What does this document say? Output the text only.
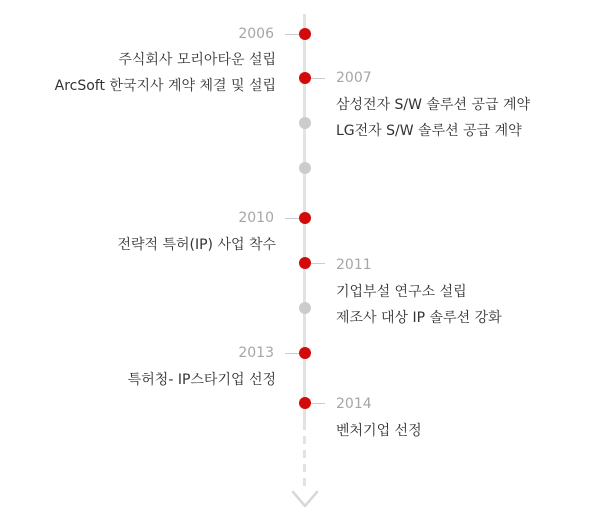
2006
주식회사 모리아타운 설립
ArcSoft 한국지사 계약 체결 및 설립	2007
삼성전자 S/W 솔루션 공급 계약
LG전자 S/W 솔루션 공급 계약
2010
전략적 특허(IP) 사업 착수
2011
기업부설 연구소 설립
제조사 대상 IP 솔루션 강화
2013
특허청- IP스타기업 선정
2014
벤처기업 선정
